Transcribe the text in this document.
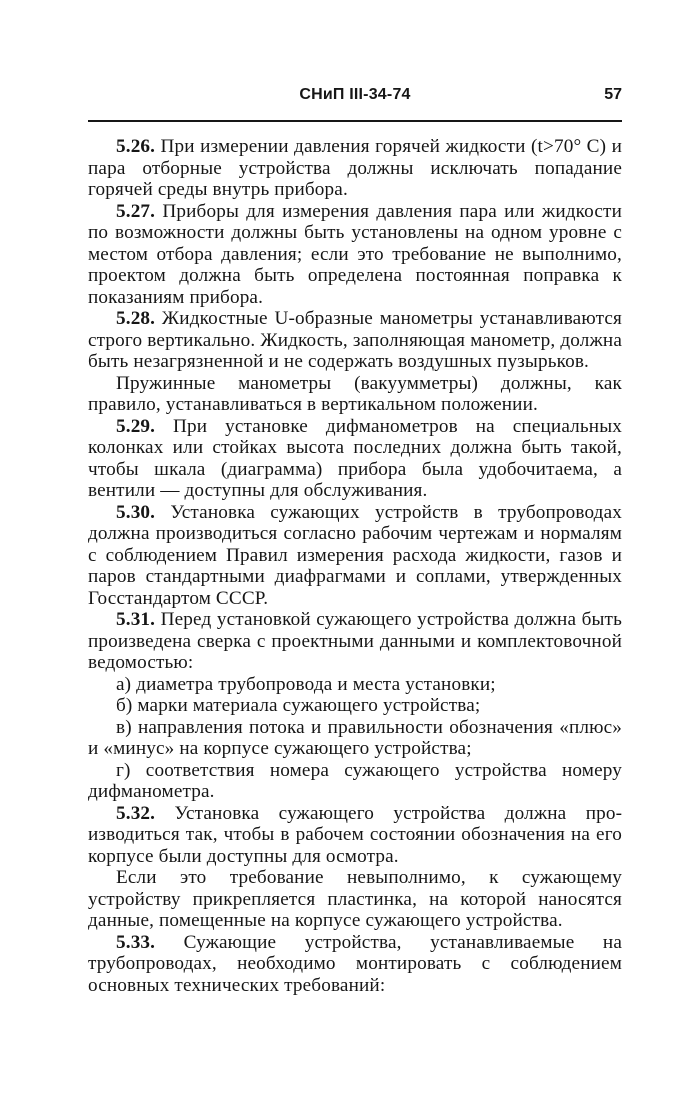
СНиП III-34-74	57

5.26. При измерении давления горячей жидкости (t>70° С) и пара отборные устройства должны исключать попадание горячей среды внутрь прибора.

5.27. Приборы для измерения давления пара или жидкости по возможности должны быть установлены на одном уровне с местом отбора давления; если это требование не выполнимо, проектом должна быть определена постоянная поправка к показаниям прибора.

5.28. Жидкостные U-образные манометры устанавливаются строго вертикально. Жидкость, заполняющая манометр, должна быть незагрязненной и не содержать воздушных пузырьков.

Пружинные манометры (вакуумметры) должны, как правило, устанавливаться в вертикальном положении.

5.29. При установке дифманометров на специальных колонках или стойках высота последних должна быть такой, чтобы шкала (диаграмма) прибора была удобочитаема, а вентили — доступны для обслуживания.

5.30. Установка сужающих устройств в трубопроводах должна производиться согласно рабочим чертежам и нормалям с соблюдением Правил измерения расхода жидкости, газов и паров стандартными диафрагмами и соплами, утвержденных Госстандартом СССР.

5.31. Перед установкой сужающего устройства должна быть произведена сверка с проектными данными и комплектовочной ведомостью:

а) диаметра трубопровода и места установки;

б) марки материала сужающего устройства;

в) направления потока и правильности обозначения «плюс» и «минус» на корпусе сужающего устройства;

г) соответствия номера сужающего устройства номеру дифманометра.

5.32. Установка сужающего устройства должна производиться так, чтобы в рабочем состоянии обозначения на его корпусе были доступны для осмотра.

Если это требование невыполнимо, к сужающему устройству прикрепляется пластинка, на которой наносятся данные, помещенные на корпусе сужающего устройства.

5.33. Сужающие устройства, устанавливаемые на трубопроводах, необходимо монтировать с соблюдением основных технических требований:
